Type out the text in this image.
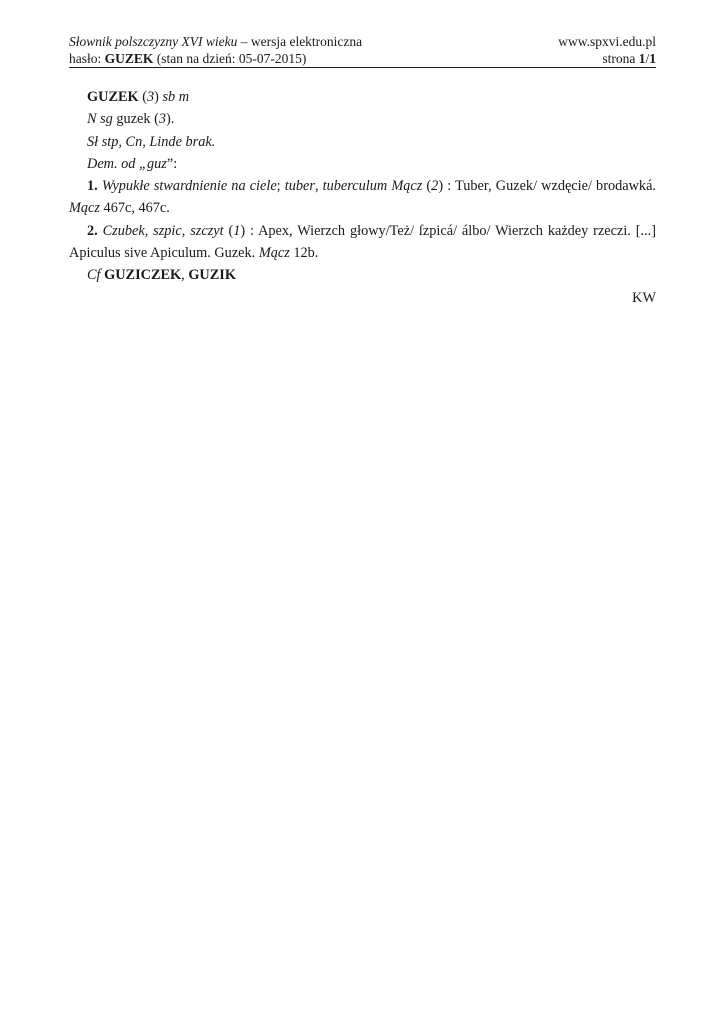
Słownik polszczyzny XVI wieku – wersja elektroniczna	www.spxvi.edu.pl
hasło: GUZEK (stan na dzień: 05-07-2015)	strona 1/1

GUZEK (3) sb m

N sg guzek (3).

Sł stp, Cn, Linde brak.

Dem. od „guz”:

1. Wypukłe stwardnienie na ciele; tuber, tuberculum Mącz (2) : Tuber, Guzek/ wzdęcie/ brodawká. Mącz 467c, 467c.

2. Czubek, szpic, szczyt (1) : Apex, Wierzch głowy/Też/ ſzpicá/ álbo/ Wierzch każdey rzeczi. [...] Apiculus sive Apiculum. Guzek. Mącz 12b.

Cf GUZICZEK, GUZIK

KW
